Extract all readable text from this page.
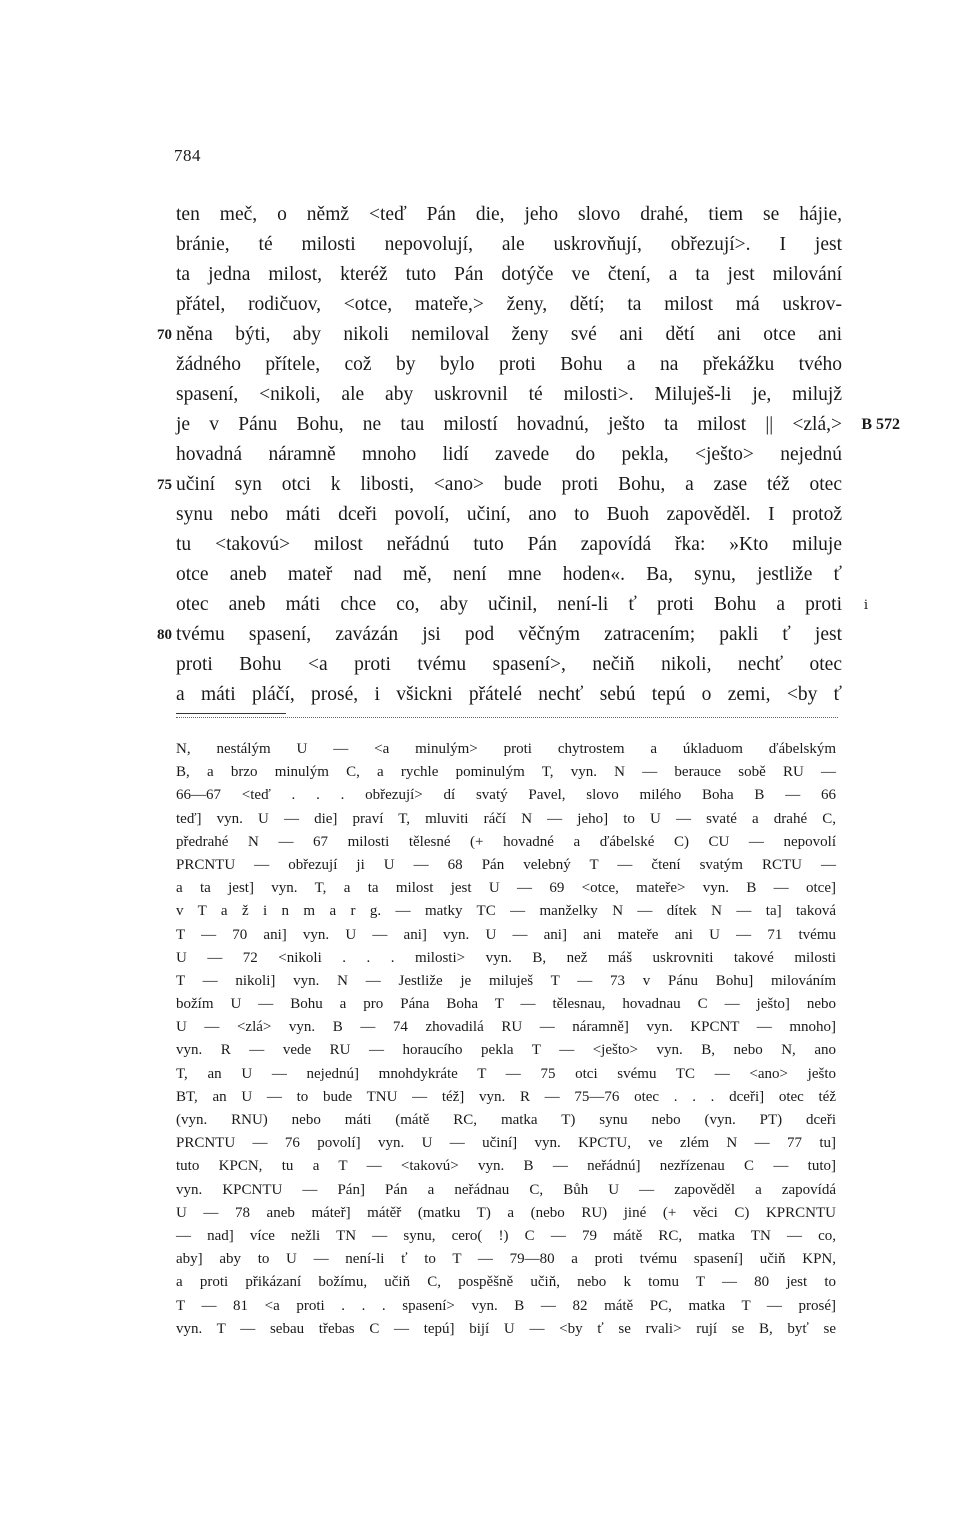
784
ten meč, o němž <teď Pán die, jeho slovo drahé, tiem se hájie,
bránie, té milosti nepovolují, ale uskrovňují, obřezují>. I jest
ta jedna milost, kteréž tuto Pán dotýče ve čtení, a ta jest milování
přátel, rodičuov, <otce, mateře,> ženy, dětí; ta milost má uskrov-
70 něna býti, aby nikoli nemiloval ženy své ani dětí ani otce ani
žádného přítele, což by bylo proti Bohu a na překážku tvého
spasení, <nikoli, ale aby uskrovnil té milosti>. Miluješ-li je, milujž
je v Pánu Bohu, ne tau milostí hovadnú, ješto ta milost || <zlá,> B 572
hovadná náramně mnoho lidí zavede do pekla, <ješto> nejednú
75 učiní syn otci k libosti, <ano> bude proti Bohu, a zase též otec
synu nebo máti dceři povolí, učiní, ano to Buoh zapověděl. I protož
tu <takovú> milost neřádnú tuto Pán zapovídá řka: »Kto miluje
otce aneb mateř nad mě, není mne hoden«. Ba, synu, jestliže ť
otec aneb máti chce co, aby učinil, není-li ť proti Bohu a proti ⅰ
80 tvému spasení, zavázán jsi pod věčným zatracením; pakli ť jest
proti Bohu <a proti tvému spasení>, nečiň nikoli, nechť otec
a máti pláčí, prosé, i všickni přátelé nechť sebú tepú o zemi, <by ť
N, nestálým U — <a minulým> proti chytrostem a úkladuom ďábelským
B, a brzo minulým C, a rychle pominulým T, vyn. N — berauce sobě RU —
66—67 <teď . . . obřezují> dí svatý Pavel, slovo milého Boha B — 66
teď] vyn. U — die] praví T, mluviti ráčí N — jeho] to U — svaté a drahé C,
předrahé N — 67 milosti tělesné (+ hovadné a ďábelské C) CU — nepovolí
PRCNTU — obřezují ji U — 68 Pán velebný T — čtení svatým RCTU —
a ta jest] vyn. T, a ta milost jest U — 69 <otce, mateře> vyn. B — otce]
v T a ž i n m a r g. — matky TC — manželky N — dítek N — ta] taková
T — 70 ani] vyn. U — ani] vyn. U — ani] ani mateře ani U — 71 tvému
U — 72 <nikoli . . . milosti> vyn. B, než máš uskrovniti takové milosti
T — nikoli] vyn. N — Jestliže je miluješ T — 73 v Pánu Bohu] milováním
božím U — Bohu a pro Pána Boha T — tělesnau, hovadnau C — ješto] nebo
U — <zlá> vyn. B — 74 zhovadilá RU — náramně] vyn. KPCNT — mnoho]
vyn. R — vede RU — horaucího pekla T — <ješto> vyn. B, nebo N, ano
T, an U — nejednú] mnohdykráte T — 75 otci svému TC — <ano> ješto
BT, an U — to bude TNU — též] vyn. R — 75—76 otec . . . dceři] otec též
(vyn. RNU) nebo máti (mátě RC, matka T) synu nebo (vyn. PT) dceři
PRCNTU — 76 povolí] vyn. U — učiní] vyn. KPCTU, ve zlém N — 77 tu]
tuto KPCN, tu a T — <takovú> vyn. B — neřádnú] nezřízenau C — tuto]
vyn. KPCNTU — Pán] Pán a neřádnau C, Bůh U — zapověděl a zapovídá
U — 78 aneb máteř] mátěř (matku T) a (nebo RU) jiné (+ věci C) KPRCNTU
— nad] více nežli TN — synu, cero( !) C — 79 mátě RC, matka TN — co,
aby] aby to U — není-li ť to T — 79—80 a proti tvému spasení] učiň KPN,
a proti přikázaní božímu, učiň C, pospěšně učiň, nebo k tomu T — 80 jest to
T — 81 <a proti . . . spasení> vyn. B — 82 mátě PC, matka T — prosé]
vyn. T — sebau třebas C — tepú] bijí U — <by ť se rvali> rují se B, byť se
